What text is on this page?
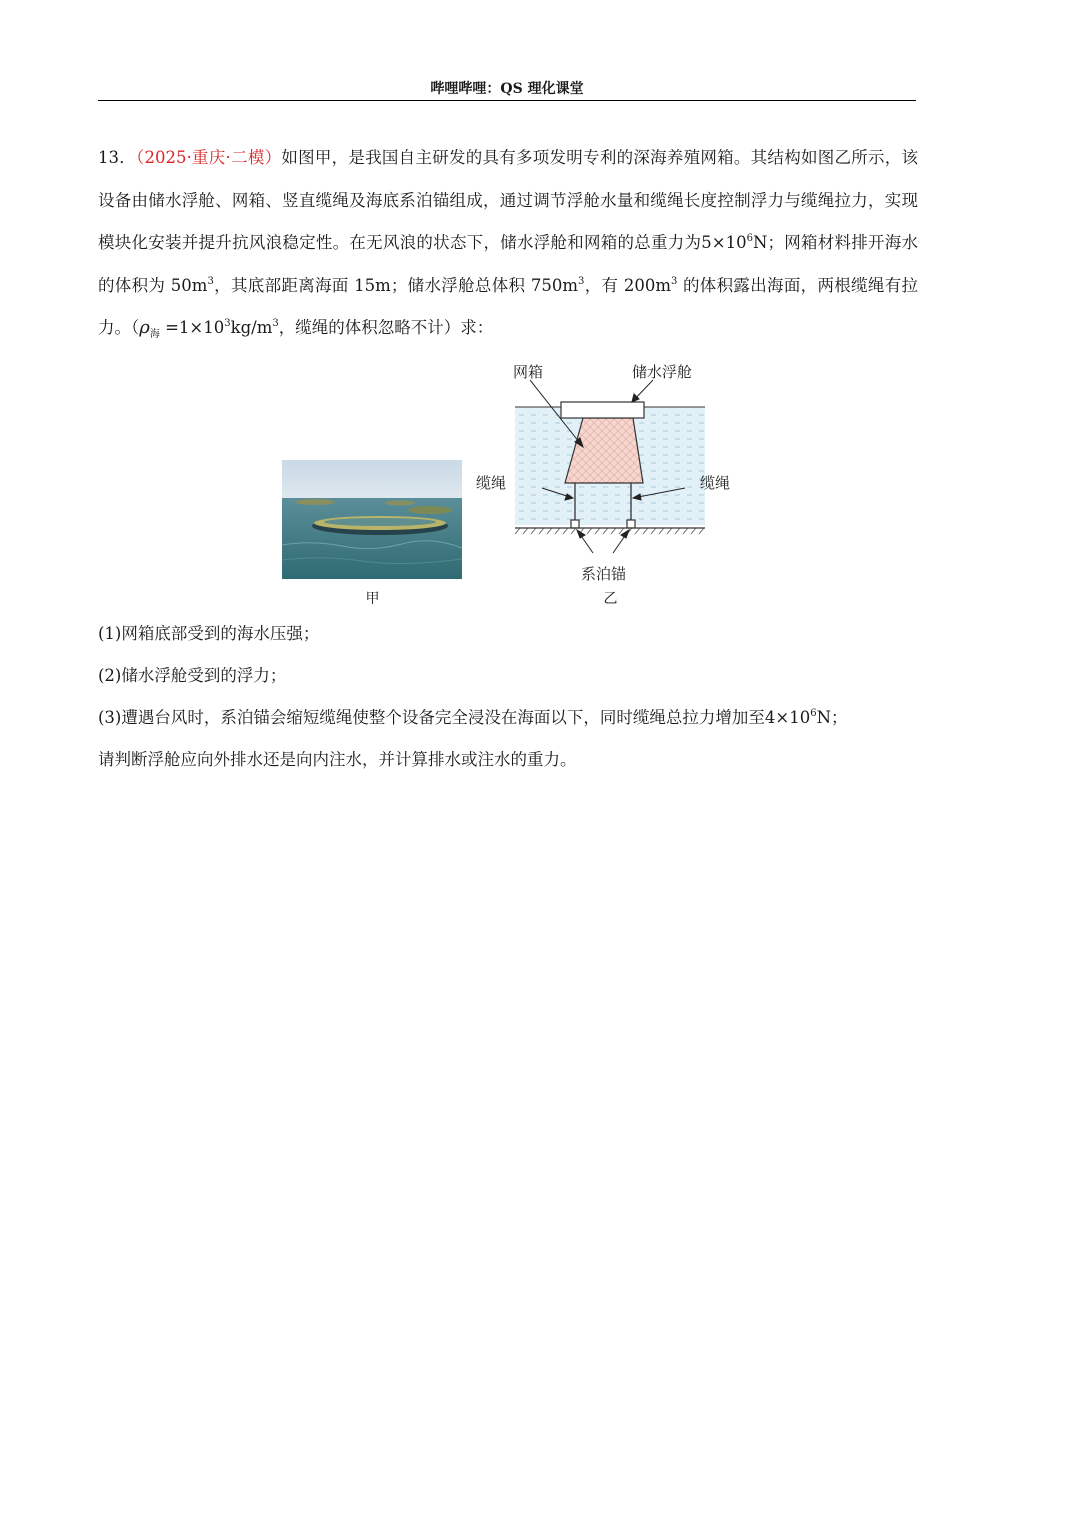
哔哩哔哩：QS 理化课堂
13．（2025·重庆·二模）如图甲，是我国自主研发的具有多项发明专利的深海养殖网箱。其结构如图乙所示，该设备由储水浮舱、网箱、竖直缆绳及海底系泊锚组成，通过调节浮舱水量和缆绳长度控制浮力与缆绳拉力，实现模块化安装并提升抗风浪稳定性。在无风浪的状态下，储水浮舱和网箱的总重力为$5\times 10^6N$；网箱材料排开海水的体积为 $50m^3$，其底部距离海面 15m；储水浮舱总体积 $750m^3$，有 $200m^3$ 的体积露出海面，两根缆绳有拉力。（$\rho_海 =1\times 10^3kg/m^3$，缆绳的体积忽略不计）求：
甲
网箱	储水浮舱
缆绳	缆绳
系泊锚
乙
(1)网箱底部受到的海水压强；
(2)储水浮舱受到的浮力；
(3)遭遇台风时，系泊锚会缩短缆绳使整个设备完全浸没在海面以下，同时缆绳总拉力增加至$4\times 10^6N$；
请判断浮舱应向外排水还是向内注水，并计算排水或注水的重力。
